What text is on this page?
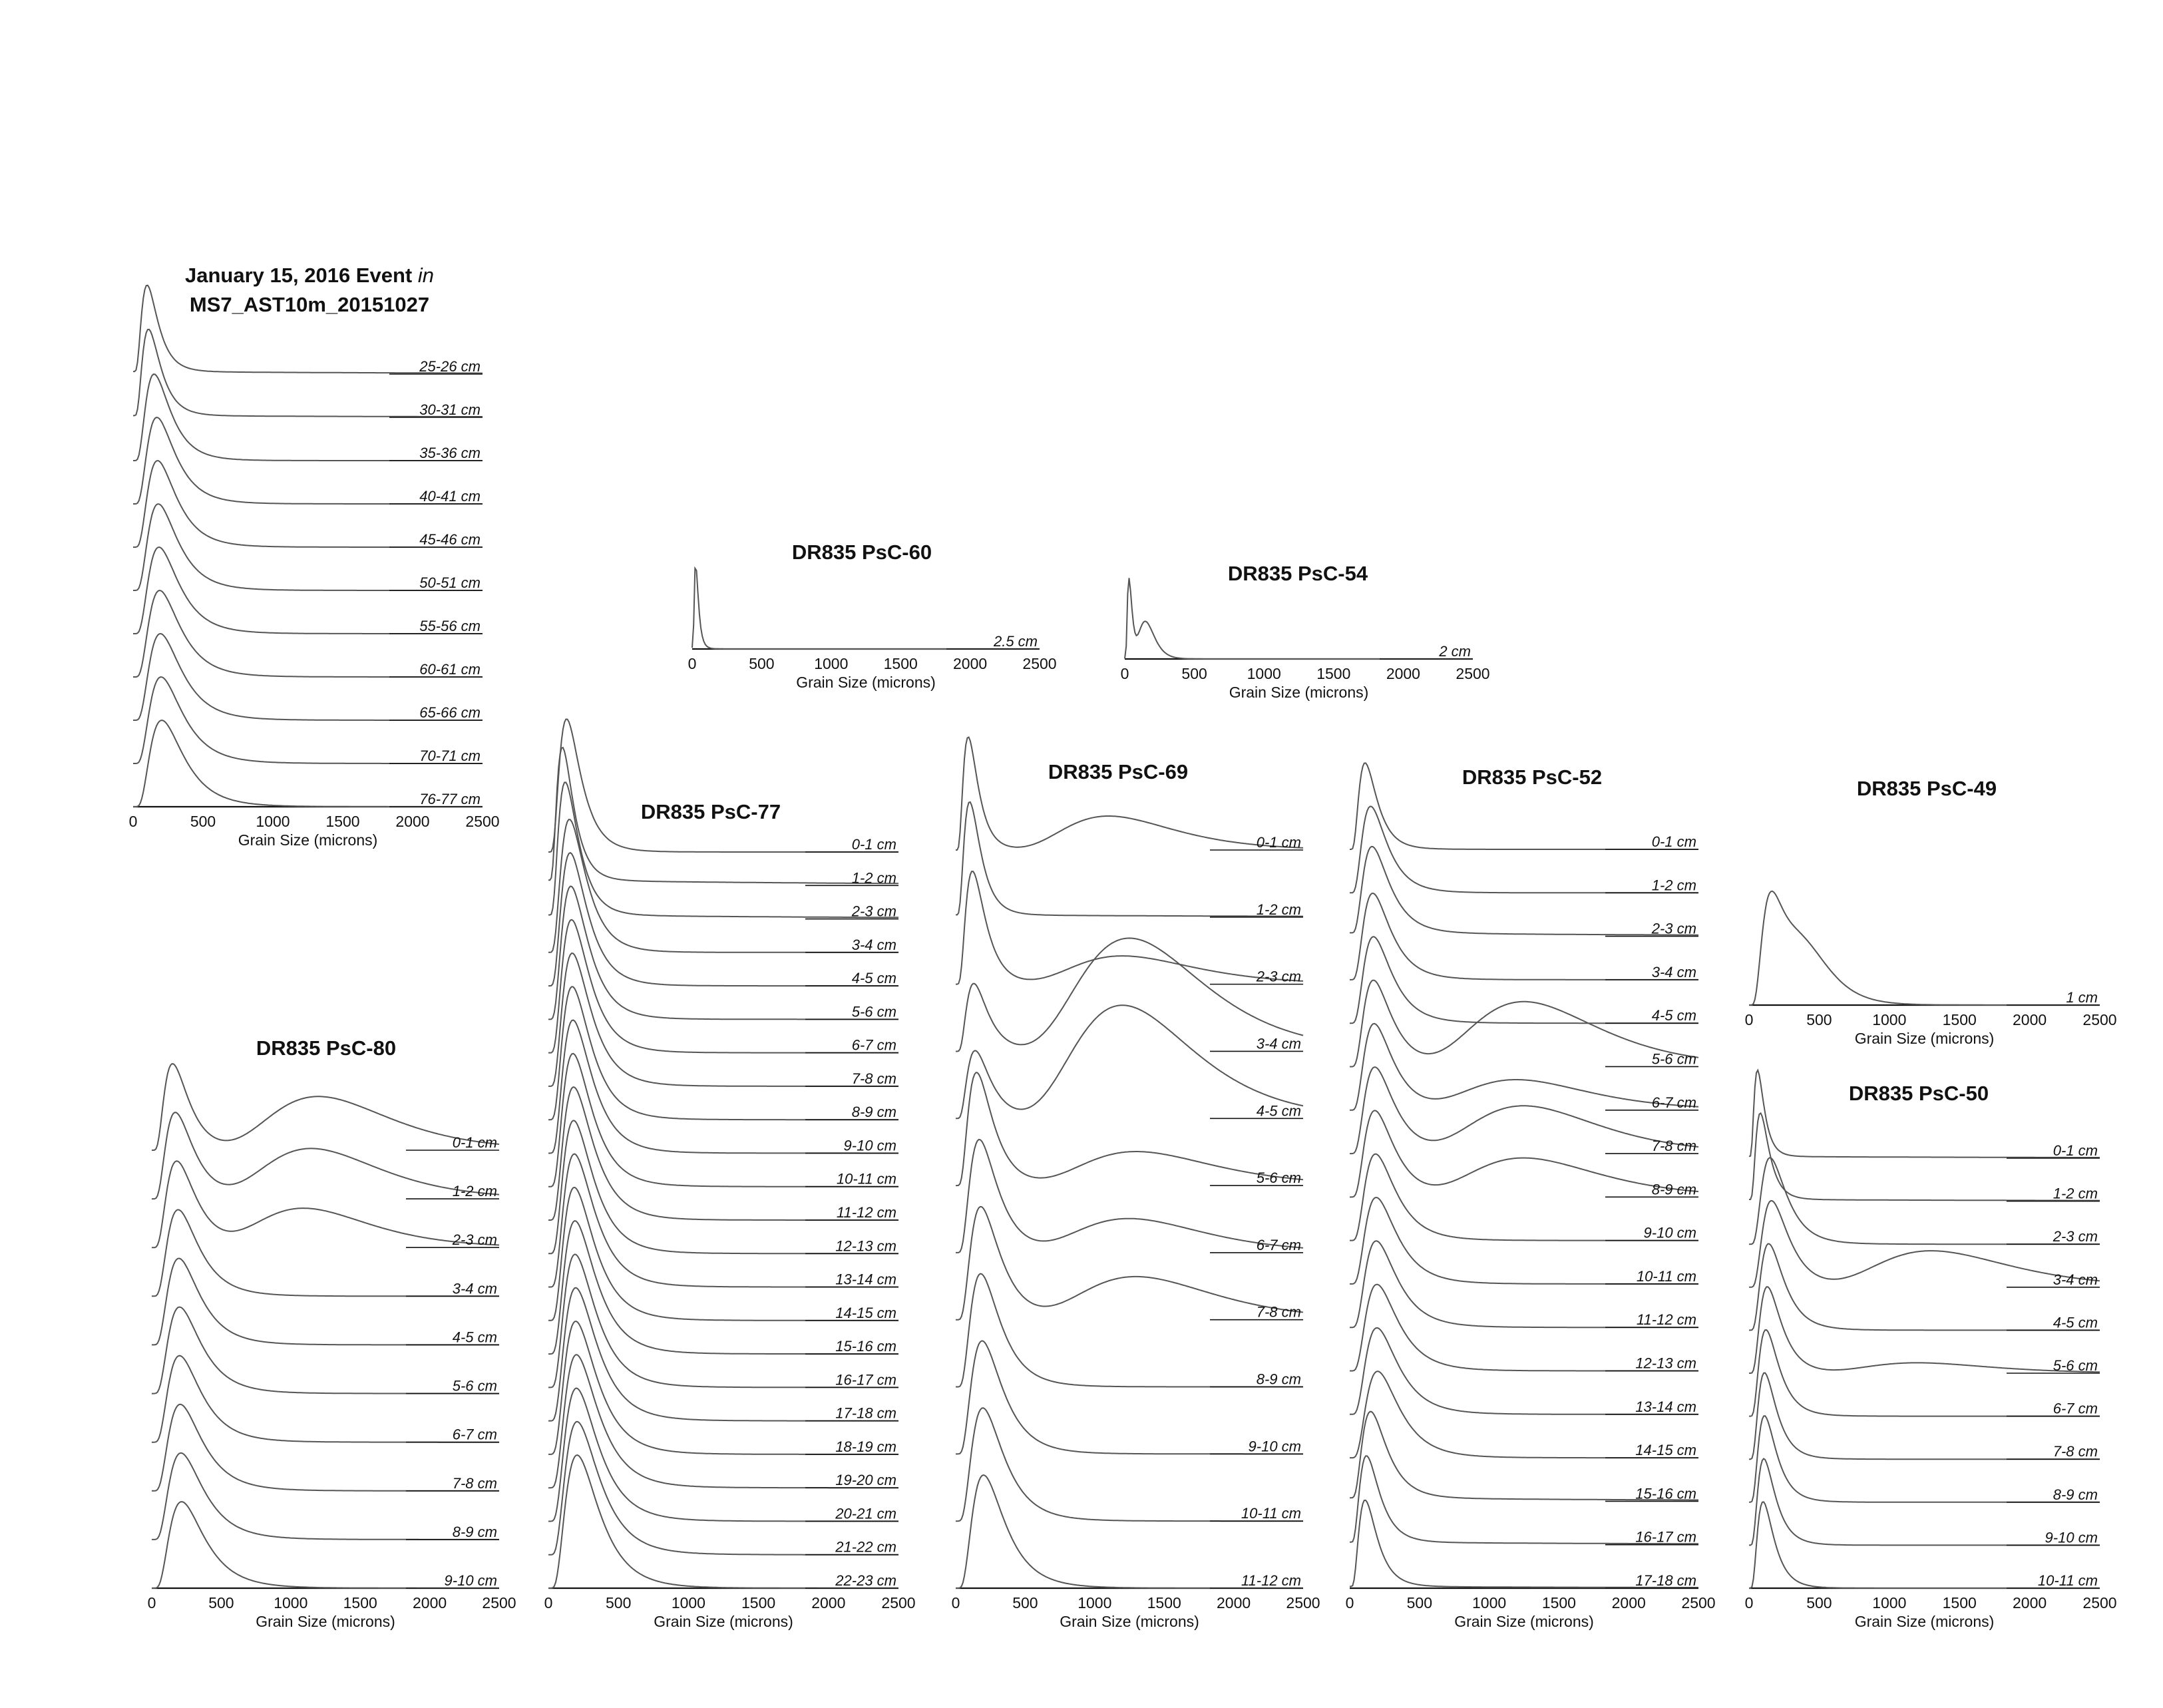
January 15, 2016 Event in
MS7_AST10m_20151027
0	500	1000 1500 2000 2500
Grain Size (microns)
25-26 cm
30-31 cm
35-36 cm
40-41 cm
45-46 cm
50-51 cm
55-56 cm
60-61 cm
65-66 cm
70-71 cm
76-77 cm
DR835 PsC-60
0	500	1000 1500 2000 2500
Grain Size (microns)
2.5 cm
DR835 PsC-54
0	500	1000 1500 2000 2500
Grain Size (microns)
2 cm
DR835 PsC-80
0	500	1000 1500 2000 2500
Grain Size (microns)
0-1 cm
1-2 cm
2-3 cm
3-4 cm
4-5 cm
5-6 cm
6-7 cm
7-8 cm
8-9 cm
9-10 cm
DR835 PsC-77
0	500	1000 1500 2000 2500
Grain Size (microns)
0-1 cm
1-2 cm
2-3 cm
3-4 cm
4-5 cm
5-6 cm
6-7 cm
7-8 cm
8-9 cm
9-10 cm
10-11 cm
11-12 cm
12-13 cm
13-14 cm
14-15 cm
15-16 cm
16-17 cm
17-18 cm
18-19 cm
19-20 cm
20-21 cm
21-22 cm
22-23 cm
DR835 PsC-69
0	500	1000 1500 2000 2500
Grain Size (microns)
0-1 cm
1-2 cm
2-3 cm
3-4 cm
4-5 cm
5-6 cm
6-7 cm
7-8 cm
8-9 cm
9-10 cm
10-11 cm
11-12 cm
DR835 PsC-52
0	500	1000 1500 2000 2500
Grain Size (microns)
0-1 cm
1-2 cm
2-3 cm
3-4 cm
4-5 cm
5-6 cm
6-7 cm
7-8 cm
8-9 cm
9-10 cm
10-11 cm
11-12 cm
12-13 cm
13-14 cm
14-15 cm
15-16 cm
16-17 cm
17-18 cm
DR835 PsC-49
0	500	1000 1500 2000 2500
Grain Size (microns)
1 cm
DR835 PsC-50
0	500	1000 1500 2000 2500
Grain Size (microns)
0-1 cm
1-2 cm
2-3 cm
3-4 cm
4-5 cm
5-6 cm
6-7 cm
7-8 cm
8-9 cm
9-10 cm
10-11 cm
